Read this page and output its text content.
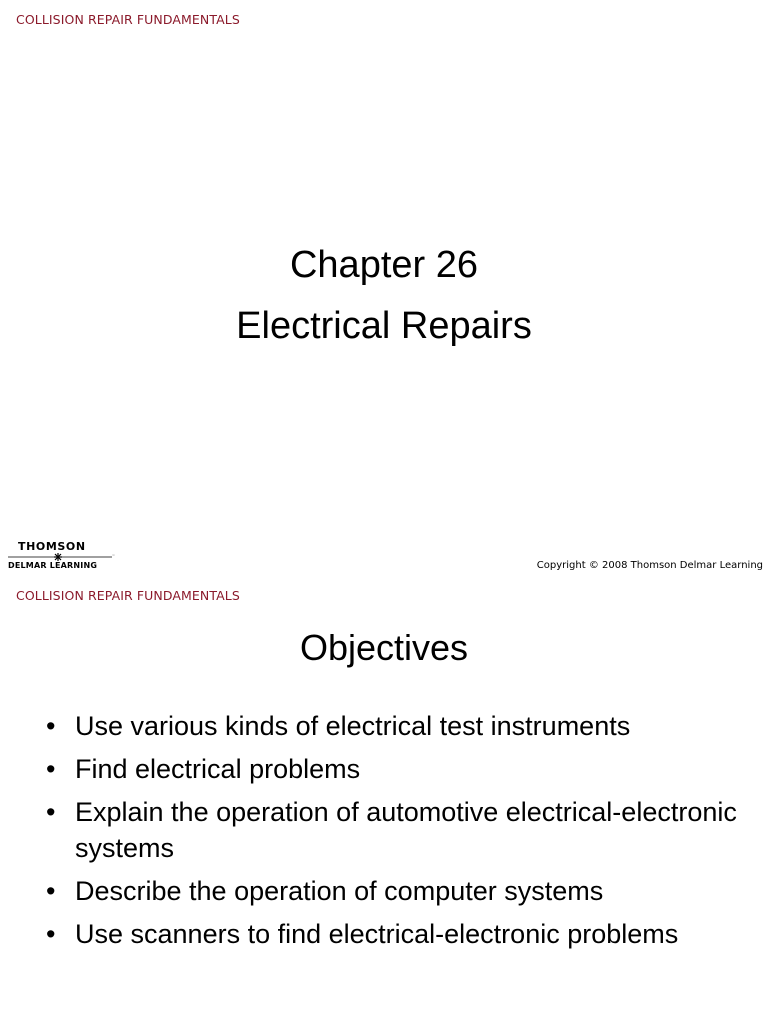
COLLISION REPAIR FUNDAMENTALS
Chapter 26
Electrical Repairs
THOMSON
™
DELMAR LEARNING	Copyright © 2008 Thomson Delmar Learning
COLLISION REPAIR FUNDAMENTALS
Objectives
• Use various kinds of electrical test instruments
• Find electrical problems
• Explain the operation of automotive electrical-electronic systems
• Describe the operation of computer systems
• Use scanners to find electrical-electronic problems
